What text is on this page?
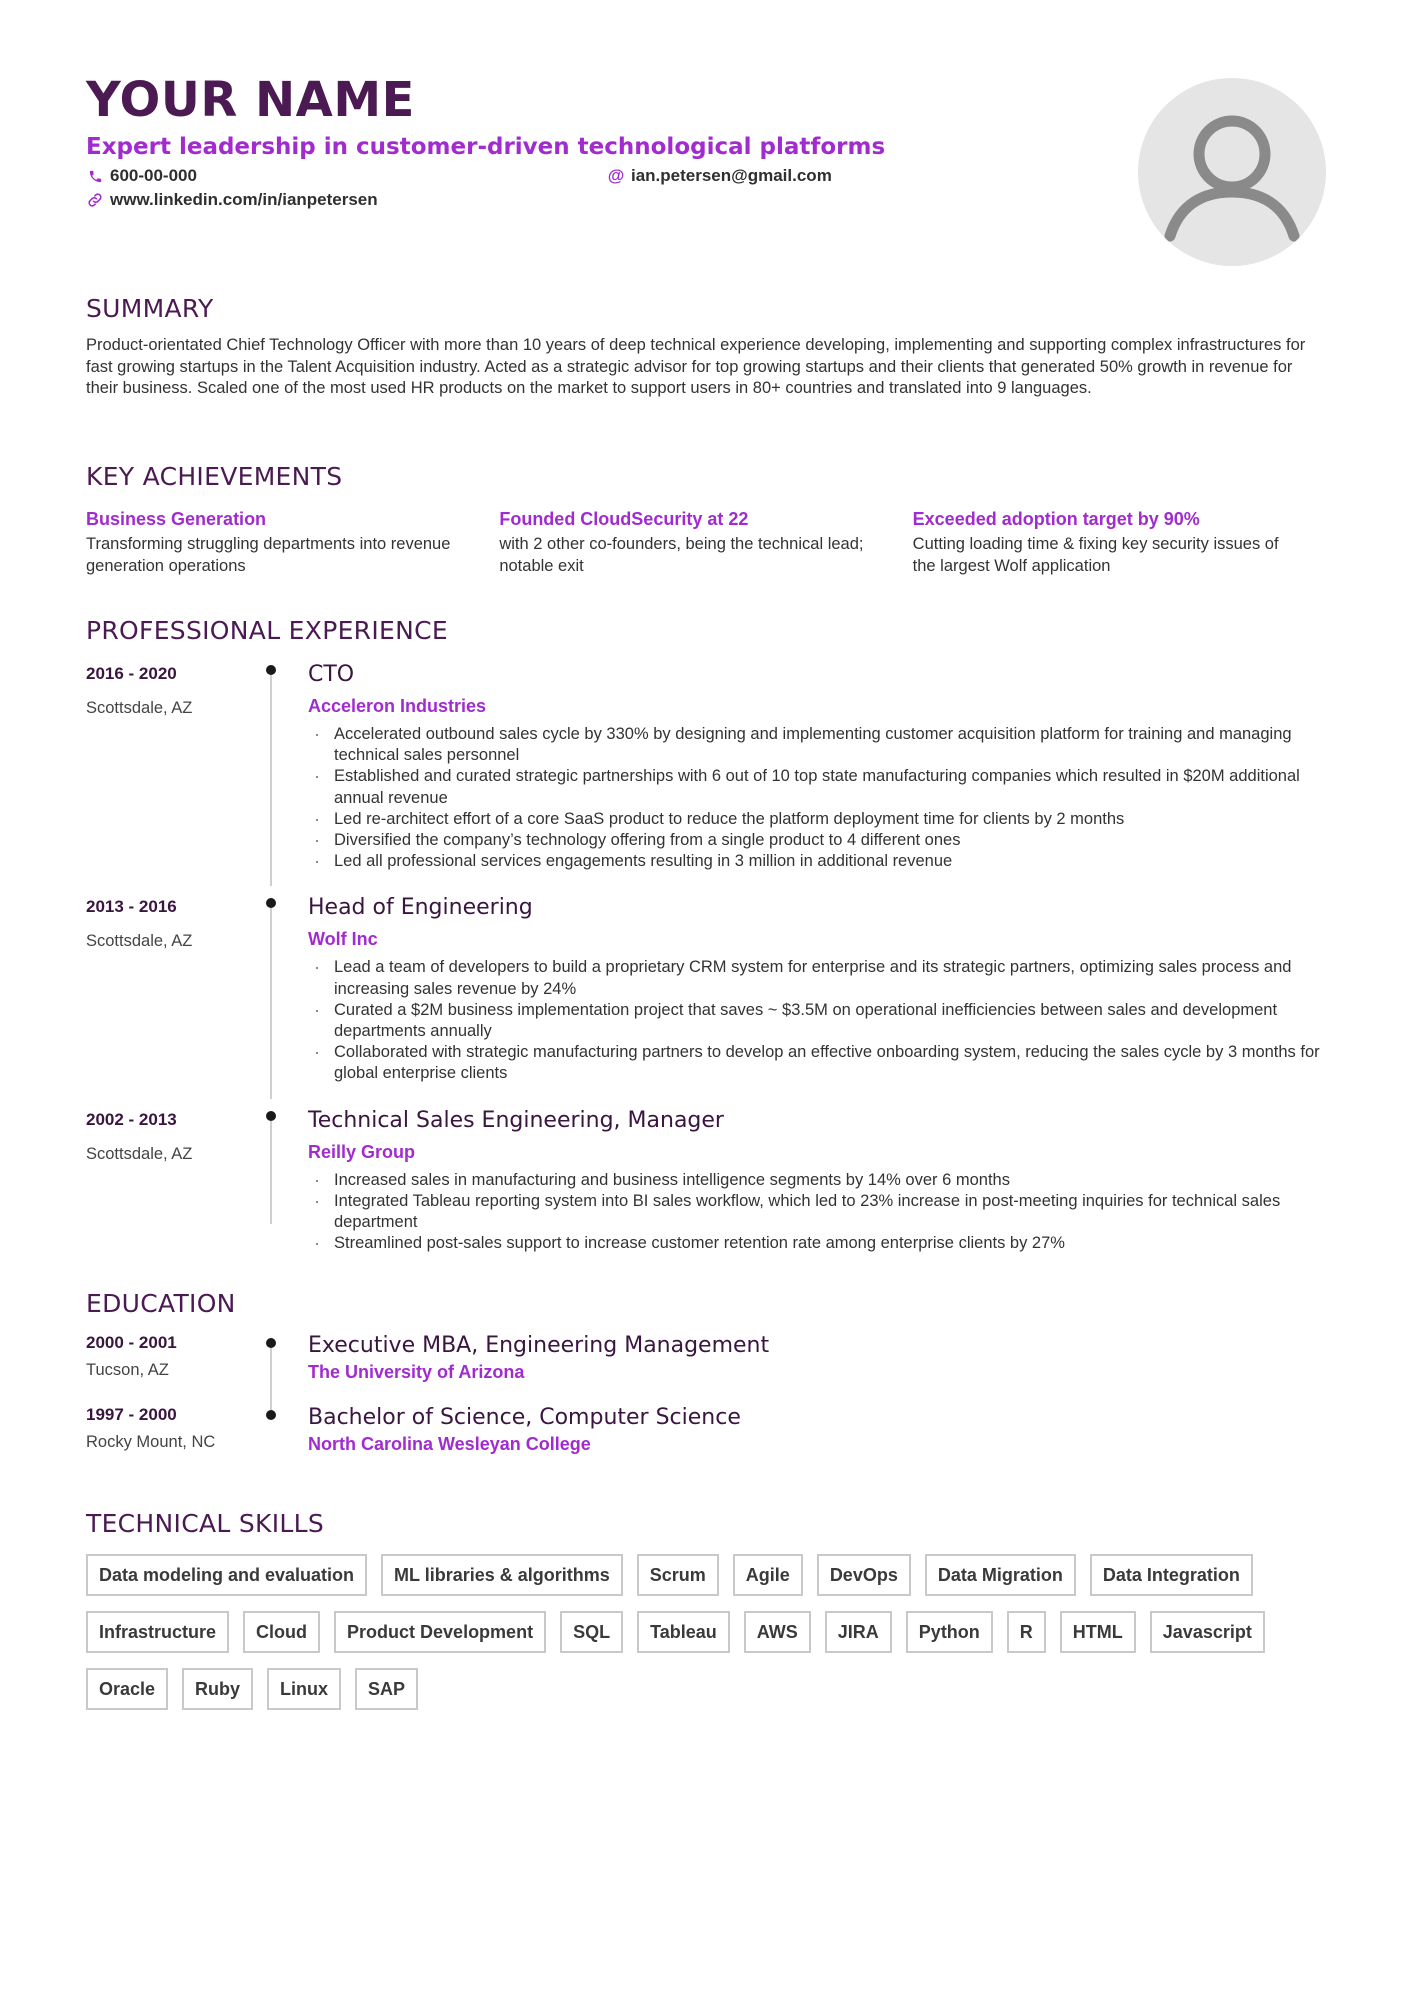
YOUR NAME
Expert leadership in customer-driven technological platforms
600-00-000	@ ian.petersen@gmail.com
www.linkedin.com/in/ianpetersen
SUMMARY

Product-orientated Chief Technology Officer with more than 10 years of deep technical experience developing, implementing and supporting complex infrastructures for fast growing startups in the Talent Acquisition industry. Acted as a strategic advisor for top growing startups and their clients that generated 50% growth in revenue for their business. Scaled one of the most used HR products on the market to support users in 80+ countries and translated into 9 languages.

KEY ACHIEVEMENTS
Business Generation
Transforming struggling departments into revenue generation operations
Founded CloudSecurity at 22
with 2 other co-founders, being the technical lead; notable exit
Exceeded adoption target by 90%
Cutting loading time & fixing key security issues of the largest Wolf application
PROFESSIONAL EXPERIENCE
2016 - 2020
Scottsdale, AZ
CTO
Acceleron Industries
· Accelerated outbound sales cycle by 330% by designing and implementing customer acquisition platform for training and managing technical sales personnel
· Established and curated strategic partnerships with 6 out of 10 top state manufacturing companies which resulted in $20M additional annual revenue
· Led re-architect effort of a core SaaS product to reduce the platform deployment time for clients by 2 months
· Diversified the company’s technology offering from a single product to 4 different ones
· Led all professional services engagements resulting in 3 million in additional revenue
2013 - 2016
Scottsdale, AZ
Head of Engineering
Wolf Inc
· Lead a team of developers to build a proprietary CRM system for enterprise and its strategic partners, optimizing sales process and increasing sales revenue by 24%
· Curated a $2M business implementation project that saves ~ $3.5M on operational inefficiencies between sales and development departments annually
· Collaborated with strategic manufacturing partners to develop an effective onboarding system, reducing the sales cycle by 3 months for global enterprise clients
2002 - 2013
Scottsdale, AZ
Technical Sales Engineering, Manager
Reilly Group
· Increased sales in manufacturing and business intelligence segments by 14% over 6 months
· Integrated Tableau reporting system into BI sales workflow, which led to 23% increase in post-meeting inquiries for technical sales department
· Streamlined post-sales support to increase customer retention rate among enterprise clients by 27%
EDUCATION
2000 - 2001
Tucson, AZ
Executive MBA, Engineering Management
The University of Arizona
1997 - 2000
Rocky Mount, NC
Bachelor of Science, Computer Science
North Carolina Wesleyan College
TECHNICAL SKILLS
Data modeling and evaluation	ML libraries & algorithms	Scrum	Agile	DevOps	Data Migration	Data Integration
Infrastructure	Cloud	Product Development	SQL	Tableau	AWS	JIRA	Python	R	HTML	Javascript
Oracle	Ruby	Linux	SAP
